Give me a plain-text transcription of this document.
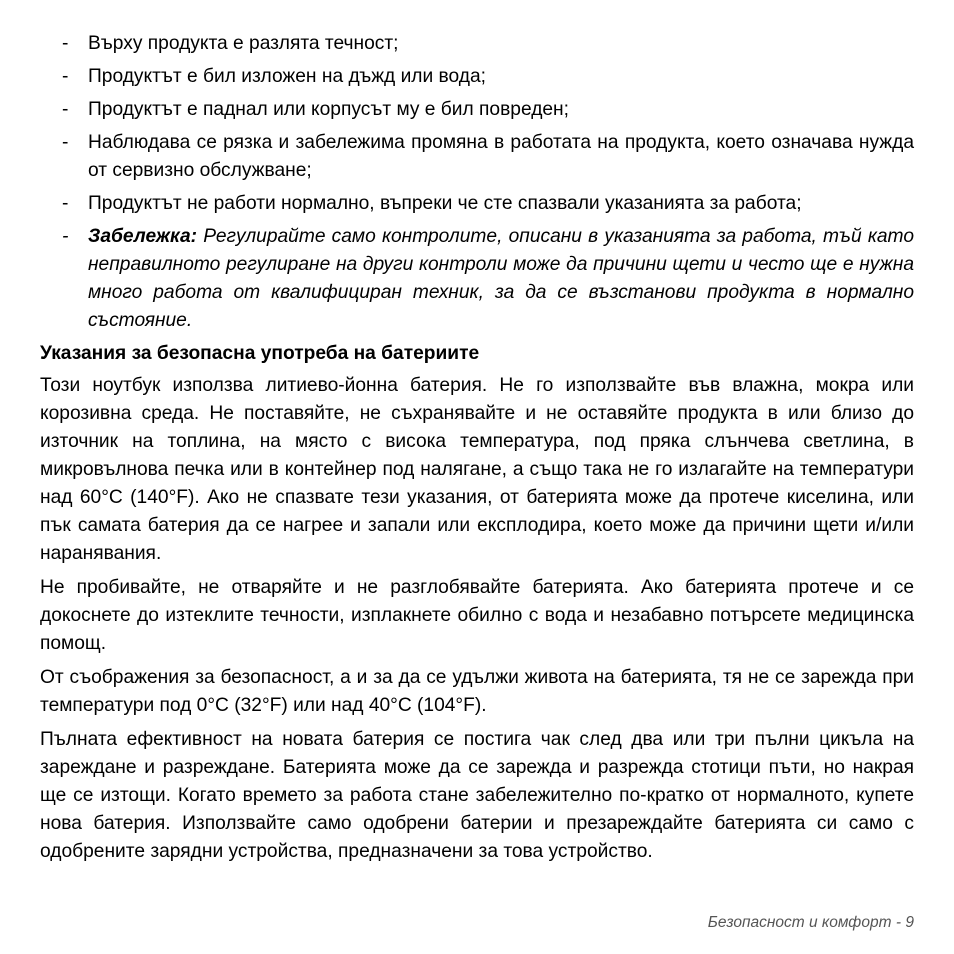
- Върху продукта е разлята течност;
- Продуктът е бил изложен на дъжд или вода;
- Продуктът е паднал или корпусът му е бил повреден;
- Наблюдава се рязка и забележима промяна в работата на продукта, което означава нужда от сервизно обслужване;
- Продуктът не работи нормално, въпреки че сте спазвали указанията за работа;
- Забележка: Регулирайте само контролите, описани в указанията за работа, тъй като неправилното регулиране на други контроли може да причини щети и често ще е нужна много работа от квалифициран техник, за да се възстанови продукта в нормално състояние.
Указания за безопасна употреба на батериите

Този ноутбук използва литиево-йонна батерия. Не го използвайте във влажна, мокра или корозивна среда. Не поставяйте, не съхранявайте и не оставяйте продукта в или близо до източник на топлина, на място с висока температура, под пряка слънчева светлина, в микровълнова печка или в контейнер под налягане, а също така не го излагайте на температури над 60°C (140°F). Ако не спазвате тези указания, от батерията може да протече киселина, или пък самата батерия да се нагрее и запали или експлодира, което може да причини щети и/или наранявания.

Не пробивайте, не отваряйте и не разглобявайте батерията. Ако батерията протече и се докоснете до изтеклите течности, изплакнете обилно с вода и незабавно потърсете медицинска помощ.

От съображения за безопасност, а и за да се удължи живота на батерията, тя не се зарежда при температури под 0°C (32°F) или над 40°C (104°F).

Пълната ефективност на новата батерия се постига чак след два или три пълни цикъла на зареждане и разреждане. Батерията може да се зарежда и разрежда стотици пъти, но накрая ще се изтощи. Когато времето за работа стане забележително по-кратко от нормалното, купете нова батерия. Използвайте само одобрени батерии и презареждайте батерията си само с одобрените зарядни устройства, предназначени за това устройство.

Безопасност и комфорт - 9
